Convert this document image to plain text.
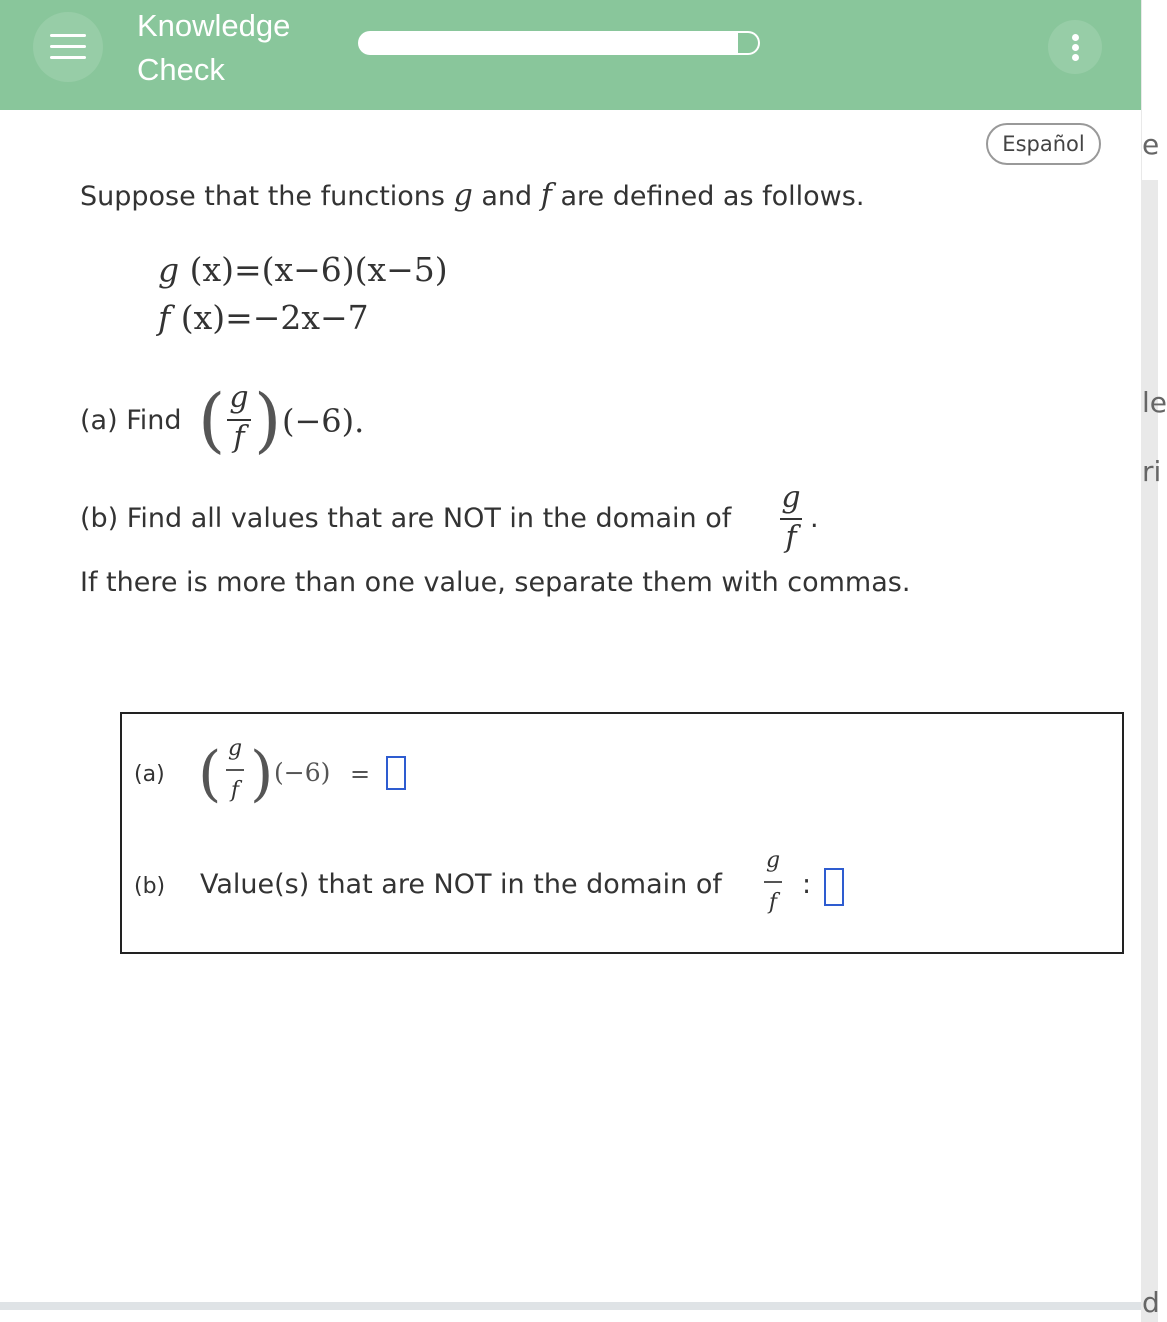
Knowledge
Check
e
le
ri
d
Español
Suppose that the functions g and f are defined as follows.
g (x)=(x−6)(x−5)
f (x)=−2x−7
(a) Find ( g
f ) (−6).
(b) Find all values that are NOT in the domain of
g
f
.
If there is more than one value, separate them with commas.
(a) ( g
f ) (−6) =
(b) Value(s) that are NOT in the domain of
g
f
:
